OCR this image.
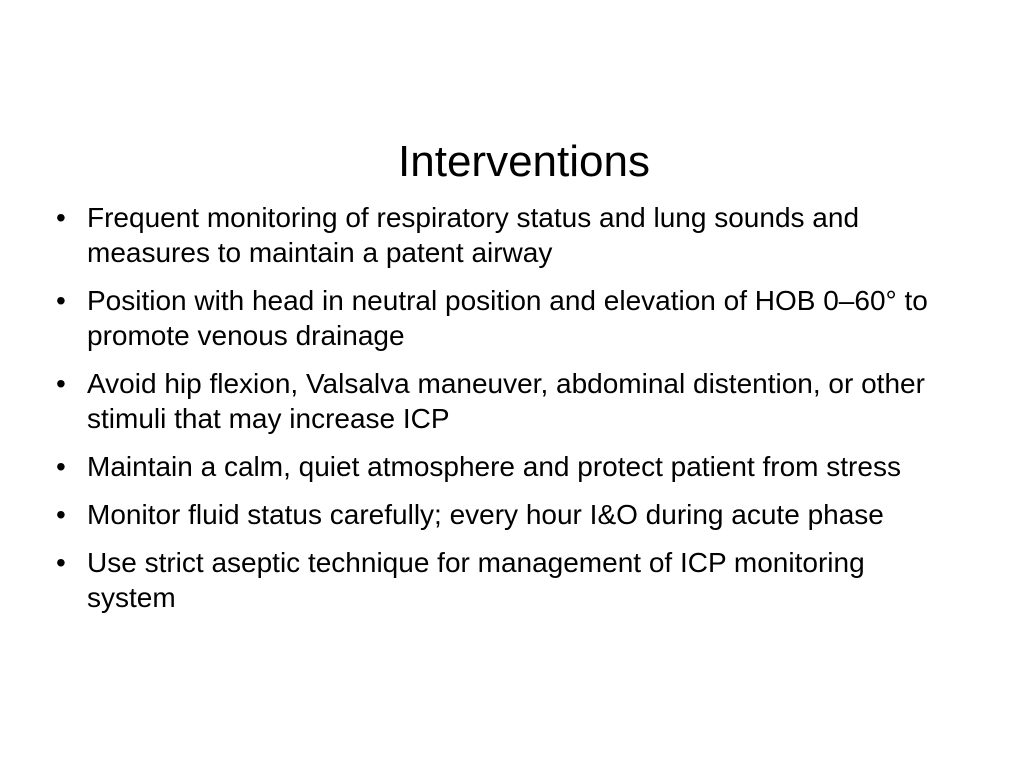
Interventions
• Frequent monitoring of respiratory status and lung sounds and measures to maintain a patent airway
• Position with head in neutral position and elevation of HOB 0–60° to promote venous drainage
• Avoid hip flexion, Valsalva maneuver, abdominal distention, or other stimuli that may increase ICP
• Maintain a calm, quiet atmosphere and protect patient from stress
• Monitor fluid status carefully; every hour I&O during acute phase
• Use strict aseptic technique for management of ICP monitoring system
